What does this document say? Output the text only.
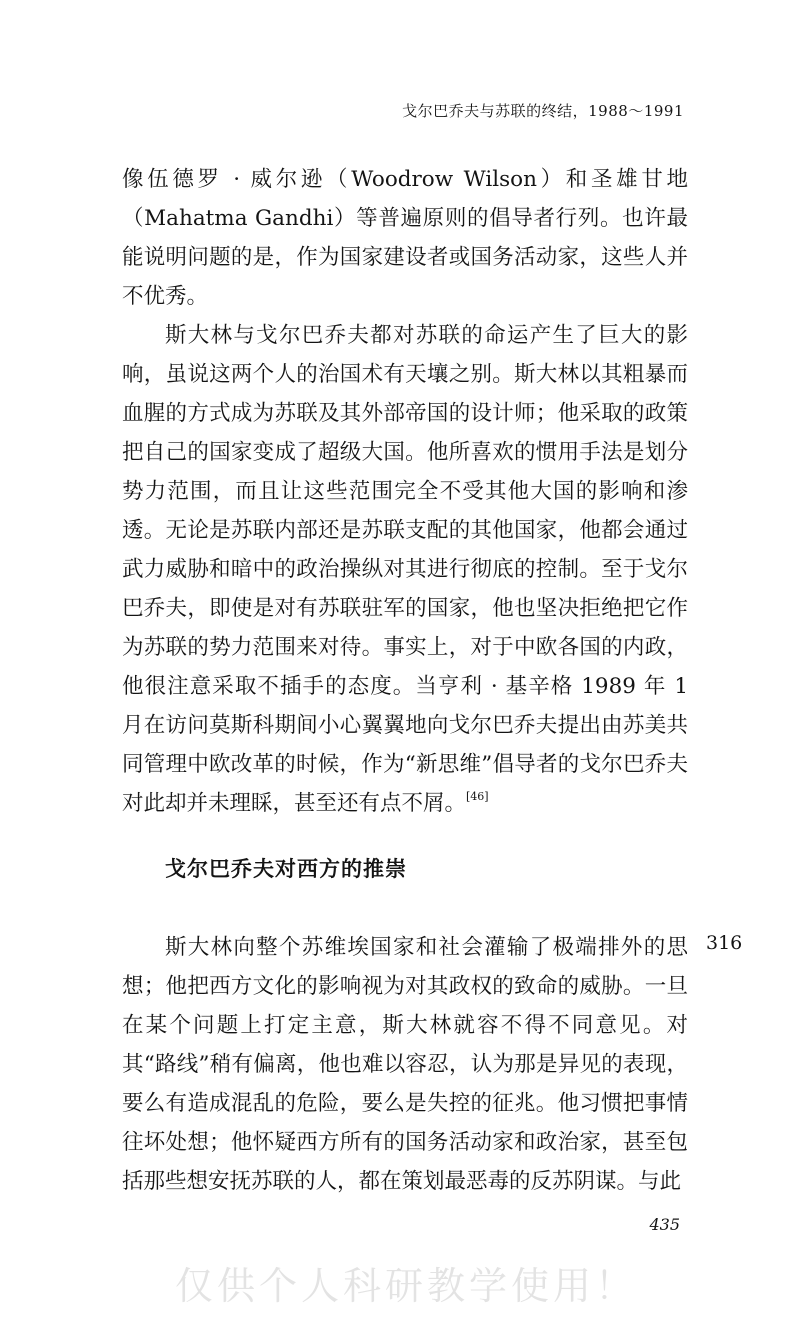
戈尔巴乔夫与苏联的终结，1988～1991

像伍德罗 · 威尔逊（Woodrow Wilson）和圣雄甘地（Mahatma Gandhi）等普遍原则的倡导者行列。也许最能说明问题的是，作为国家建设者或国务活动家，这些人并不优秀。

斯大林与戈尔巴乔夫都对苏联的命运产生了巨大的影响，虽说这两个人的治国术有天壤之别。斯大林以其粗暴而血腥的方式成为苏联及其外部帝国的设计师；他采取的政策把自己的国家变成了超级大国。他所喜欢的惯用手法是划分势力范围，而且让这些范围完全不受其他大国的影响和渗透。无论是苏联内部还是苏联支配的其他国家，他都会通过武力威胁和暗中的政治操纵对其进行彻底的控制。至于戈尔巴乔夫，即使是对有苏联驻军的国家，他也坚决拒绝把它作为苏联的势力范围来对待。事实上，对于中欧各国的内政，他很注意采取不插手的态度。当亨利 · 基辛格 1989 年 1 月在访问莫斯科期间小心翼翼地向戈尔巴乔夫提出由苏美共同管理中欧改革的时候，作为“新思维”倡导者的戈尔巴乔夫对此却并未理睬，甚至还有点不屑。[46]

戈尔巴乔夫对西方的推崇

斯大林向整个苏维埃国家和社会灌输了极端排外的思想；他把西方文化的影响视为对其政权的致命的威胁。一旦在某个问题上打定主意，斯大林就容不得不同意见。对其“路线”稍有偏离，他也难以容忍，认为那是异见的表现，要么有造成混乱的危险，要么是失控的征兆。他习惯把事情往坏处想；他怀疑西方所有的国务活动家和政治家，甚至包括那些想安抚苏联的人，都在策划最恶毒的反苏阴谋。与此

316
435
仅供个人科研教学使用！
